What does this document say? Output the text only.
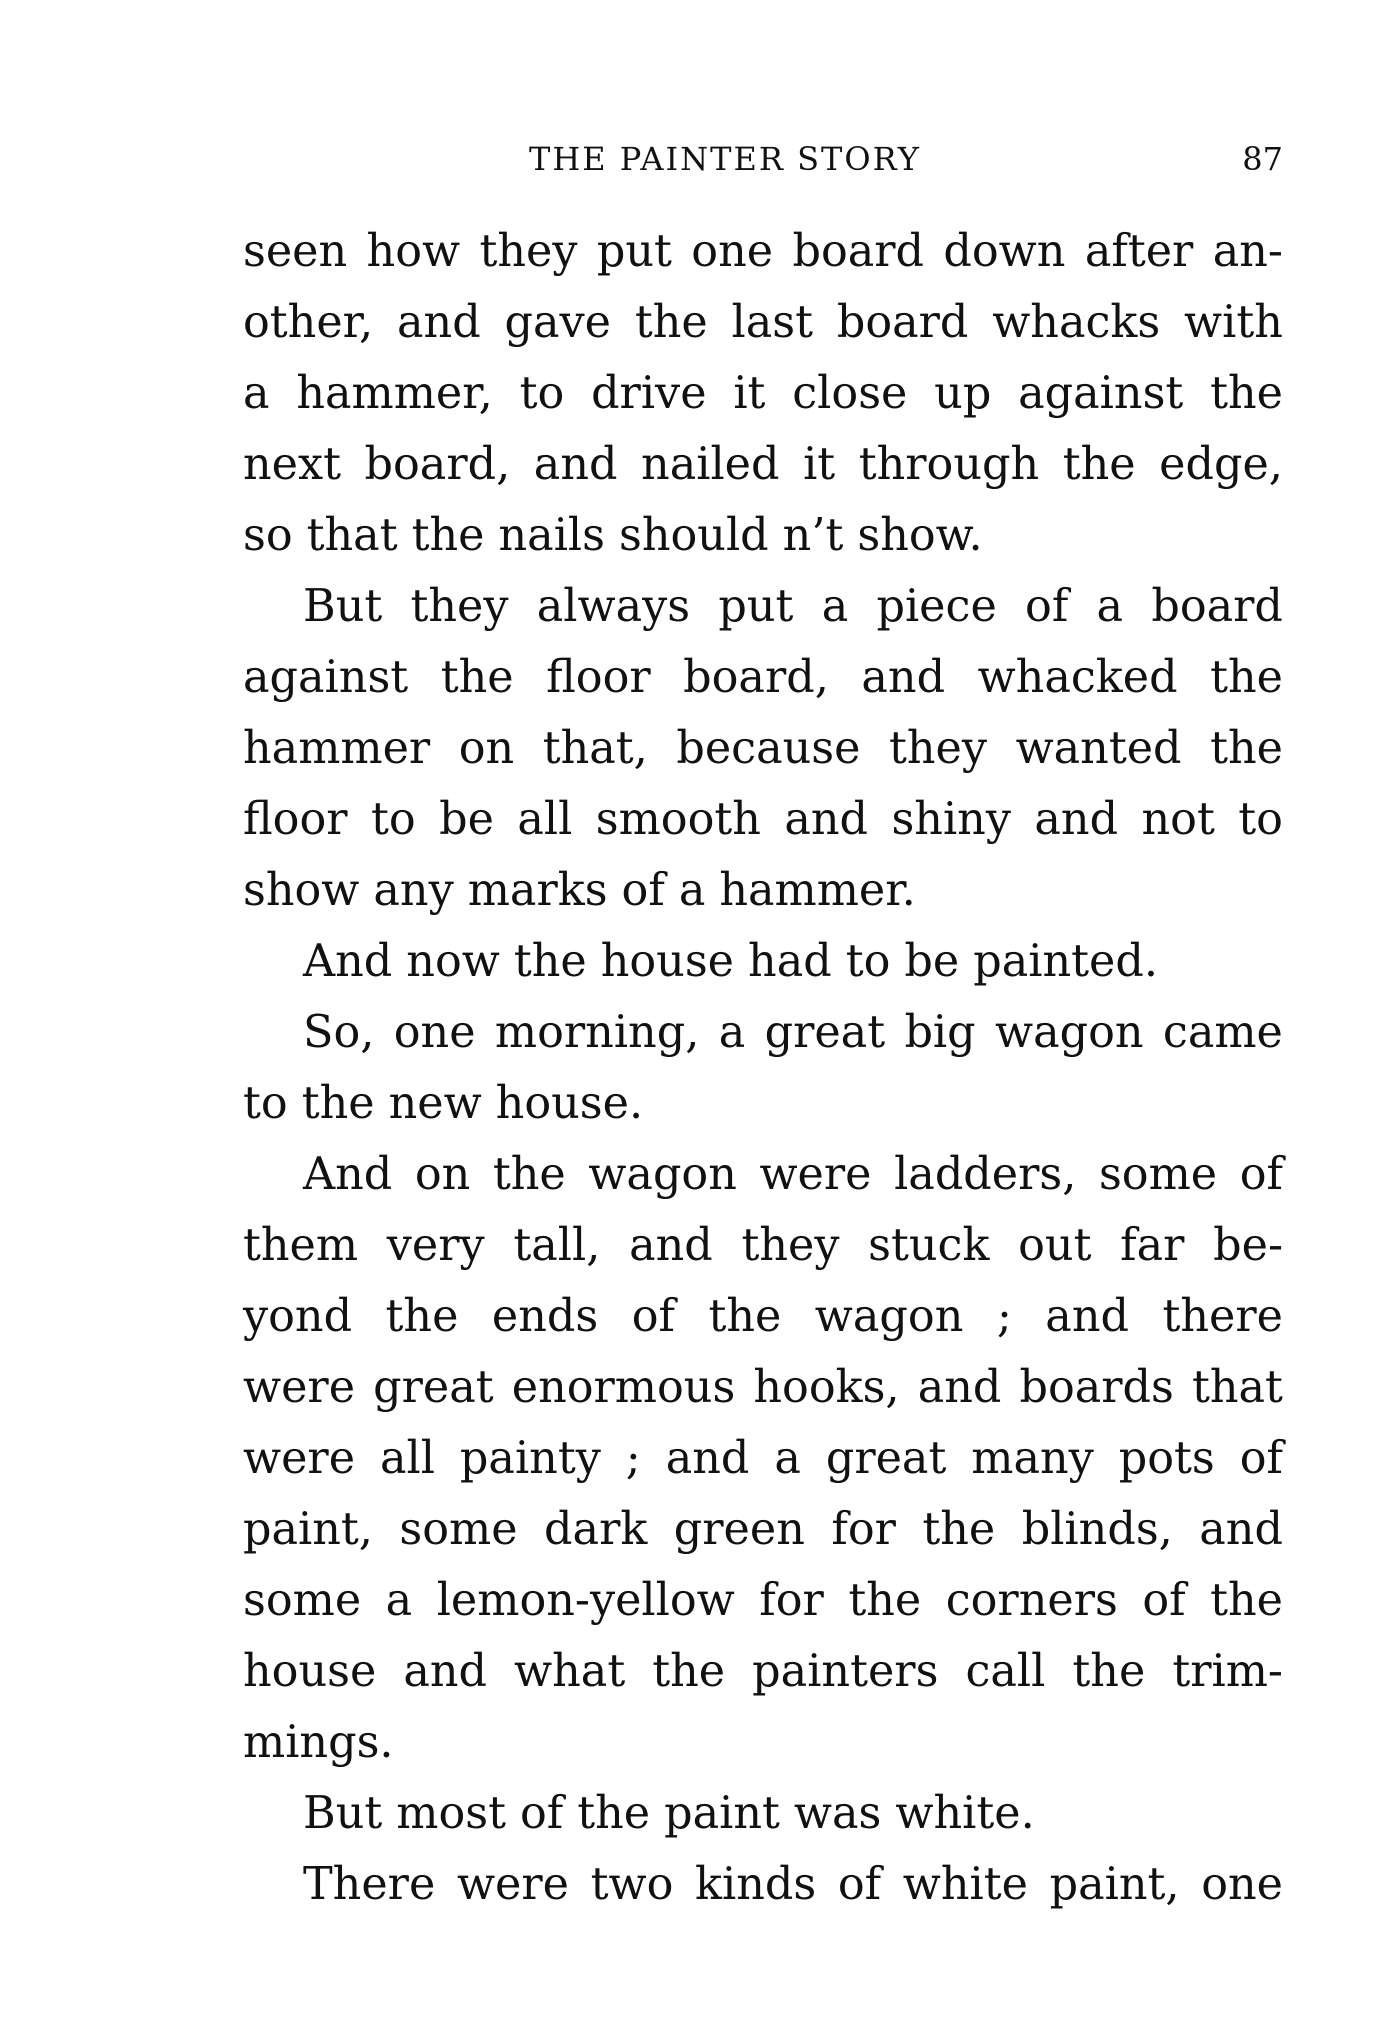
THE PAINTER STORY	87
seen how they put one board down after an-
other, and gave the last board whacks with
a hammer, to drive it close up against the
next board, and nailed it through the edge,
so that the nails should n’t show.
But they always put a piece of a board
against the floor board, and whacked the
hammer on that, because they wanted the
floor to be all smooth and shiny and not to
show any marks of a hammer.
And now the house had to be painted.
So, one morning, a great big wagon came
to the new house.
And on the wagon were ladders, some of
them very tall, and they stuck out far be-
yond the ends of the wagon ; and there
were great enormous hooks, and boards that
were all painty ; and a great many pots of
paint, some dark green for the blinds, and
some a lemon-yellow for the corners of the
house and what the painters call the trim-
mings.
But most of the paint was white.
There were two kinds of white paint, one
